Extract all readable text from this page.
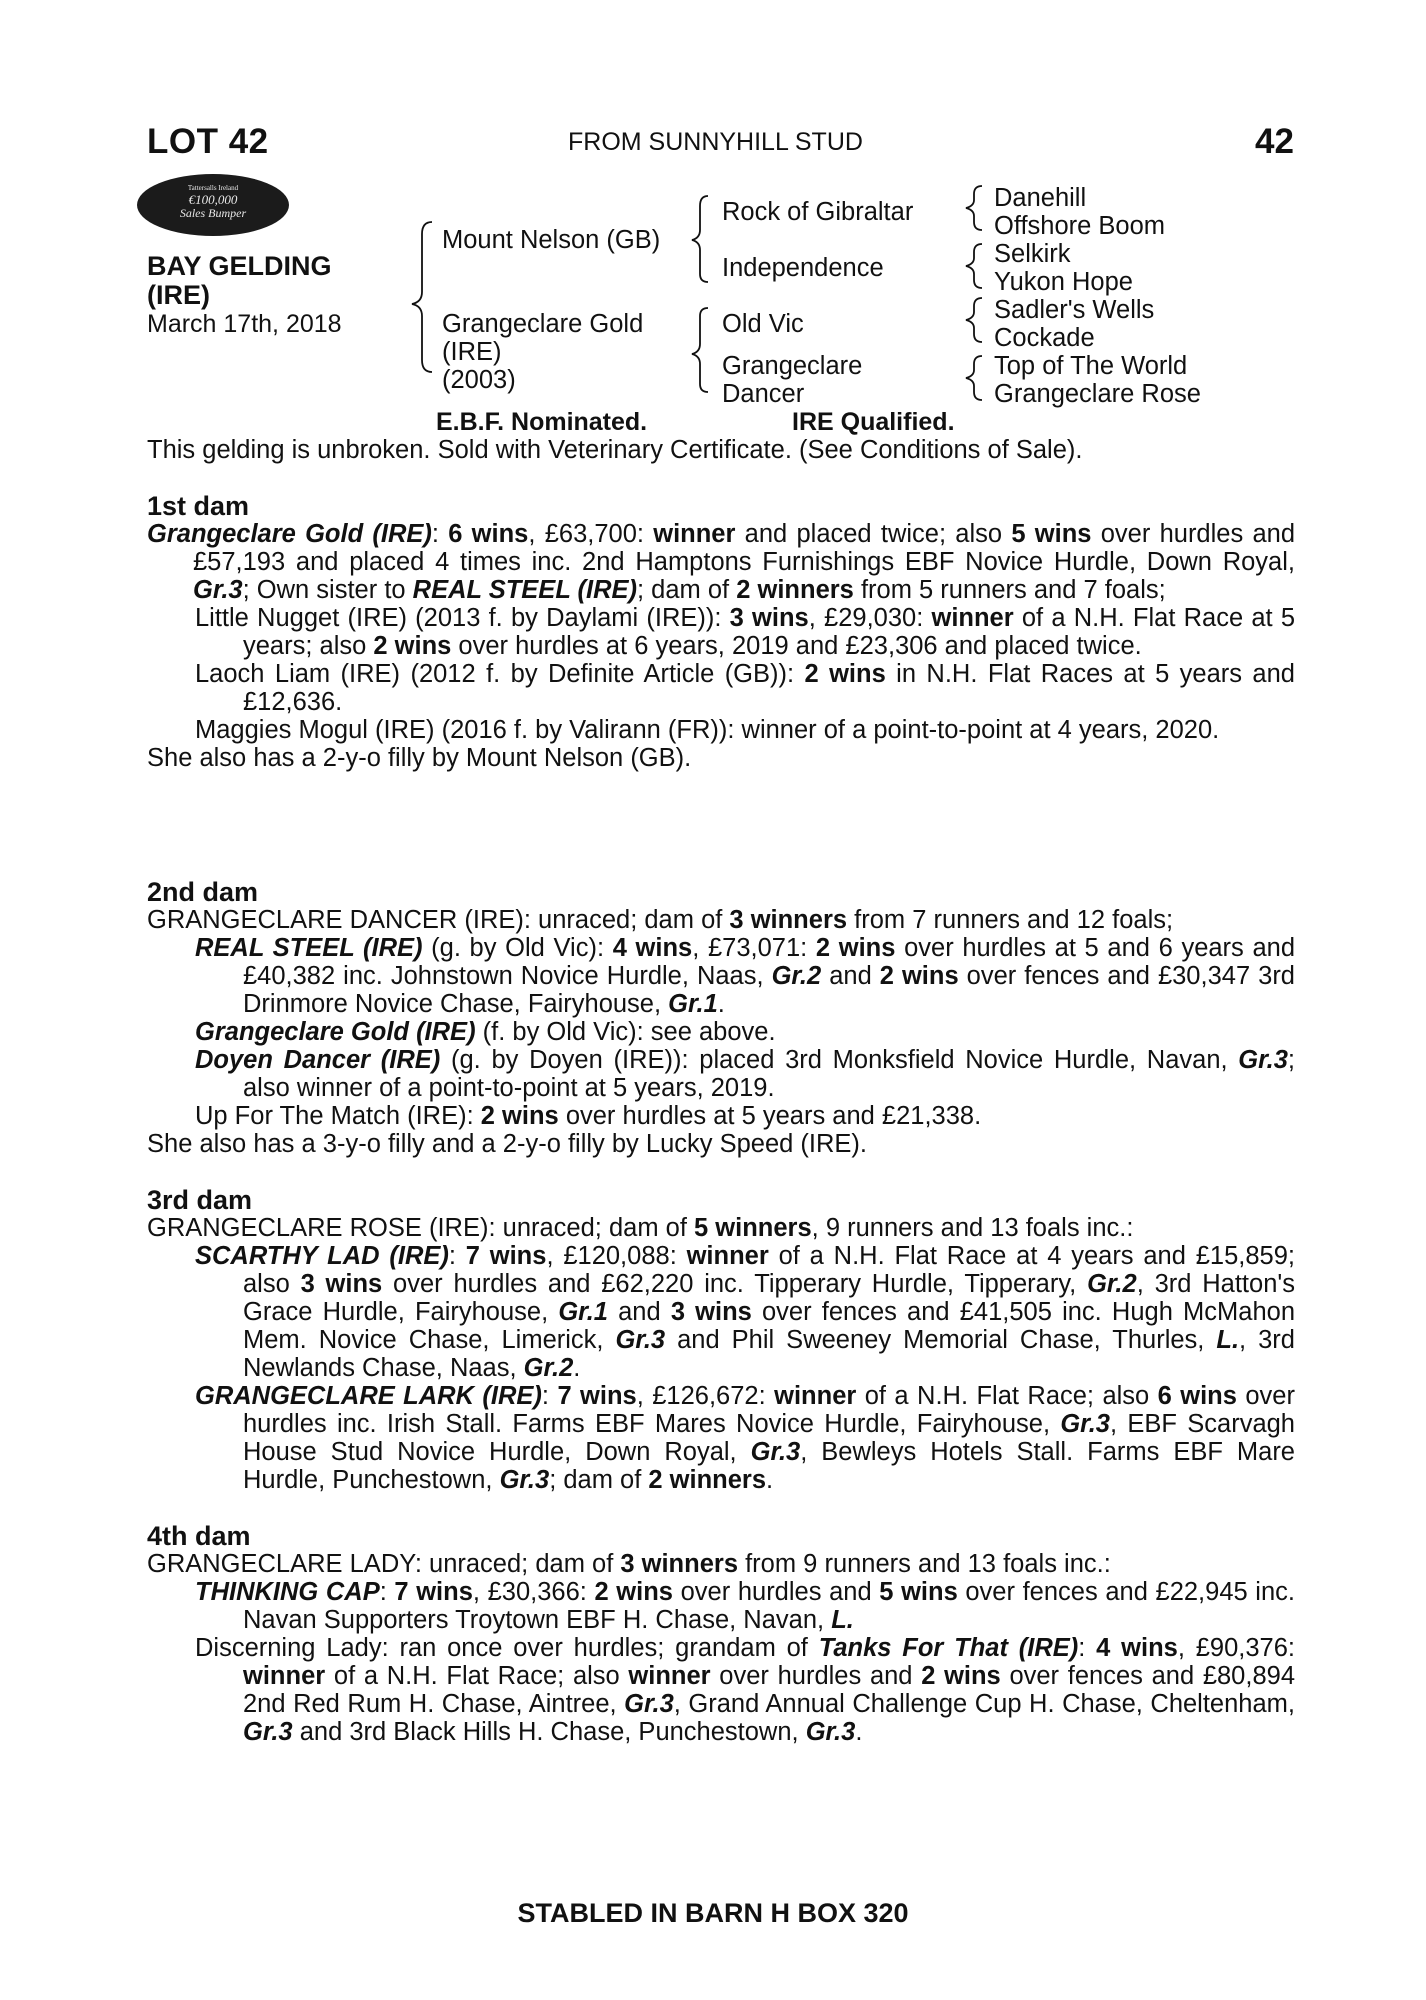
LOT 42	FROM SUNNYHILL STUD	42
Tattersalls Ireland
€100,000
Sales Bumper
BAY GELDING
(IRE)
March 17th, 2018
Mount Nelson (GB)
Grangeclare Gold
(IRE)
(2003)
Rock of Gibraltar
Independence
Old Vic
Grangeclare
Dancer
Danehill
Offshore Boom
Selkirk
Yukon Hope
Sadler's Wells
Cockade
Top of The World
Grangeclare Rose
E.B.F. Nominated.	IRE Qualified.
This gelding is unbroken. Sold with Veterinary Certificate. (See Conditions of Sale).
1st dam
Grangeclare Gold (IRE): 6 wins, £63,700: winner and placed twice; also 5 wins over hurdles and £57,193 and placed 4 times inc. 2nd Hamptons Furnishings EBF Novice Hurdle, Down Royal, Gr.3; Own sister to REAL STEEL (IRE); dam of 2 winners from 5 runners and 7 foals;
Little Nugget (IRE) (2013 f. by Daylami (IRE)): 3 wins, £29,030: winner of a N.H. Flat Race at 5 years; also 2 wins over hurdles at 6 years, 2019 and £23,306 and placed twice.
Laoch Liam (IRE) (2012 f. by Definite Article (GB)): 2 wins in N.H. Flat Races at 5 years and £12,636.
Maggies Mogul (IRE) (2016 f. by Valirann (FR)): winner of a point-to-point at 4 years, 2020.
She also has a 2-y-o filly by Mount Nelson (GB).
2nd dam
GRANGECLARE DANCER (IRE): unraced; dam of 3 winners from 7 runners and 12 foals;
REAL STEEL (IRE) (g. by Old Vic): 4 wins, £73,071: 2 wins over hurdles at 5 and 6 years and £40,382 inc. Johnstown Novice Hurdle, Naas, Gr.2 and 2 wins over fences and £30,347 3rd Drinmore Novice Chase, Fairyhouse, Gr.1.
Grangeclare Gold (IRE) (f. by Old Vic): see above.
Doyen Dancer (IRE) (g. by Doyen (IRE)): placed 3rd Monksfield Novice Hurdle, Navan, Gr.3; also winner of a point-to-point at 5 years, 2019.
Up For The Match (IRE): 2 wins over hurdles at 5 years and £21,338.
She also has a 3-y-o filly and a 2-y-o filly by Lucky Speed (IRE).
3rd dam
GRANGECLARE ROSE (IRE): unraced; dam of 5 winners, 9 runners and 13 foals inc.:
SCARTHY LAD (IRE): 7 wins, £120,088: winner of a N.H. Flat Race at 4 years and £15,859; also 3 wins over hurdles and £62,220 inc. Tipperary Hurdle, Tipperary, Gr.2, 3rd Hatton's Grace Hurdle, Fairyhouse, Gr.1 and 3 wins over fences and £41,505 inc. Hugh McMahon Mem. Novice Chase, Limerick, Gr.3 and Phil Sweeney Memorial Chase, Thurles, L., 3rd Newlands Chase, Naas, Gr.2.
GRANGECLARE LARK (IRE): 7 wins, £126,672: winner of a N.H. Flat Race; also 6 wins over hurdles inc. Irish Stall. Farms EBF Mares Novice Hurdle, Fairyhouse, Gr.3, EBF Scarvagh House Stud Novice Hurdle, Down Royal, Gr.3, Bewleys Hotels Stall. Farms EBF Mare Hurdle, Punchestown, Gr.3; dam of 2 winners.
4th dam
GRANGECLARE LADY: unraced; dam of 3 winners from 9 runners and 13 foals inc.:
THINKING CAP: 7 wins, £30,366: 2 wins over hurdles and 5 wins over fences and £22,945 inc. Navan Supporters Troytown EBF H. Chase, Navan, L.
Discerning Lady: ran once over hurdles; grandam of Tanks For That (IRE): 4 wins, £90,376: winner of a N.H. Flat Race; also winner over hurdles and 2 wins over fences and £80,894 2nd Red Rum H. Chase, Aintree, Gr.3, Grand Annual Challenge Cup H. Chase, Cheltenham, Gr.3 and 3rd Black Hills H. Chase, Punchestown, Gr.3.
STABLED IN BARN H BOX 320
